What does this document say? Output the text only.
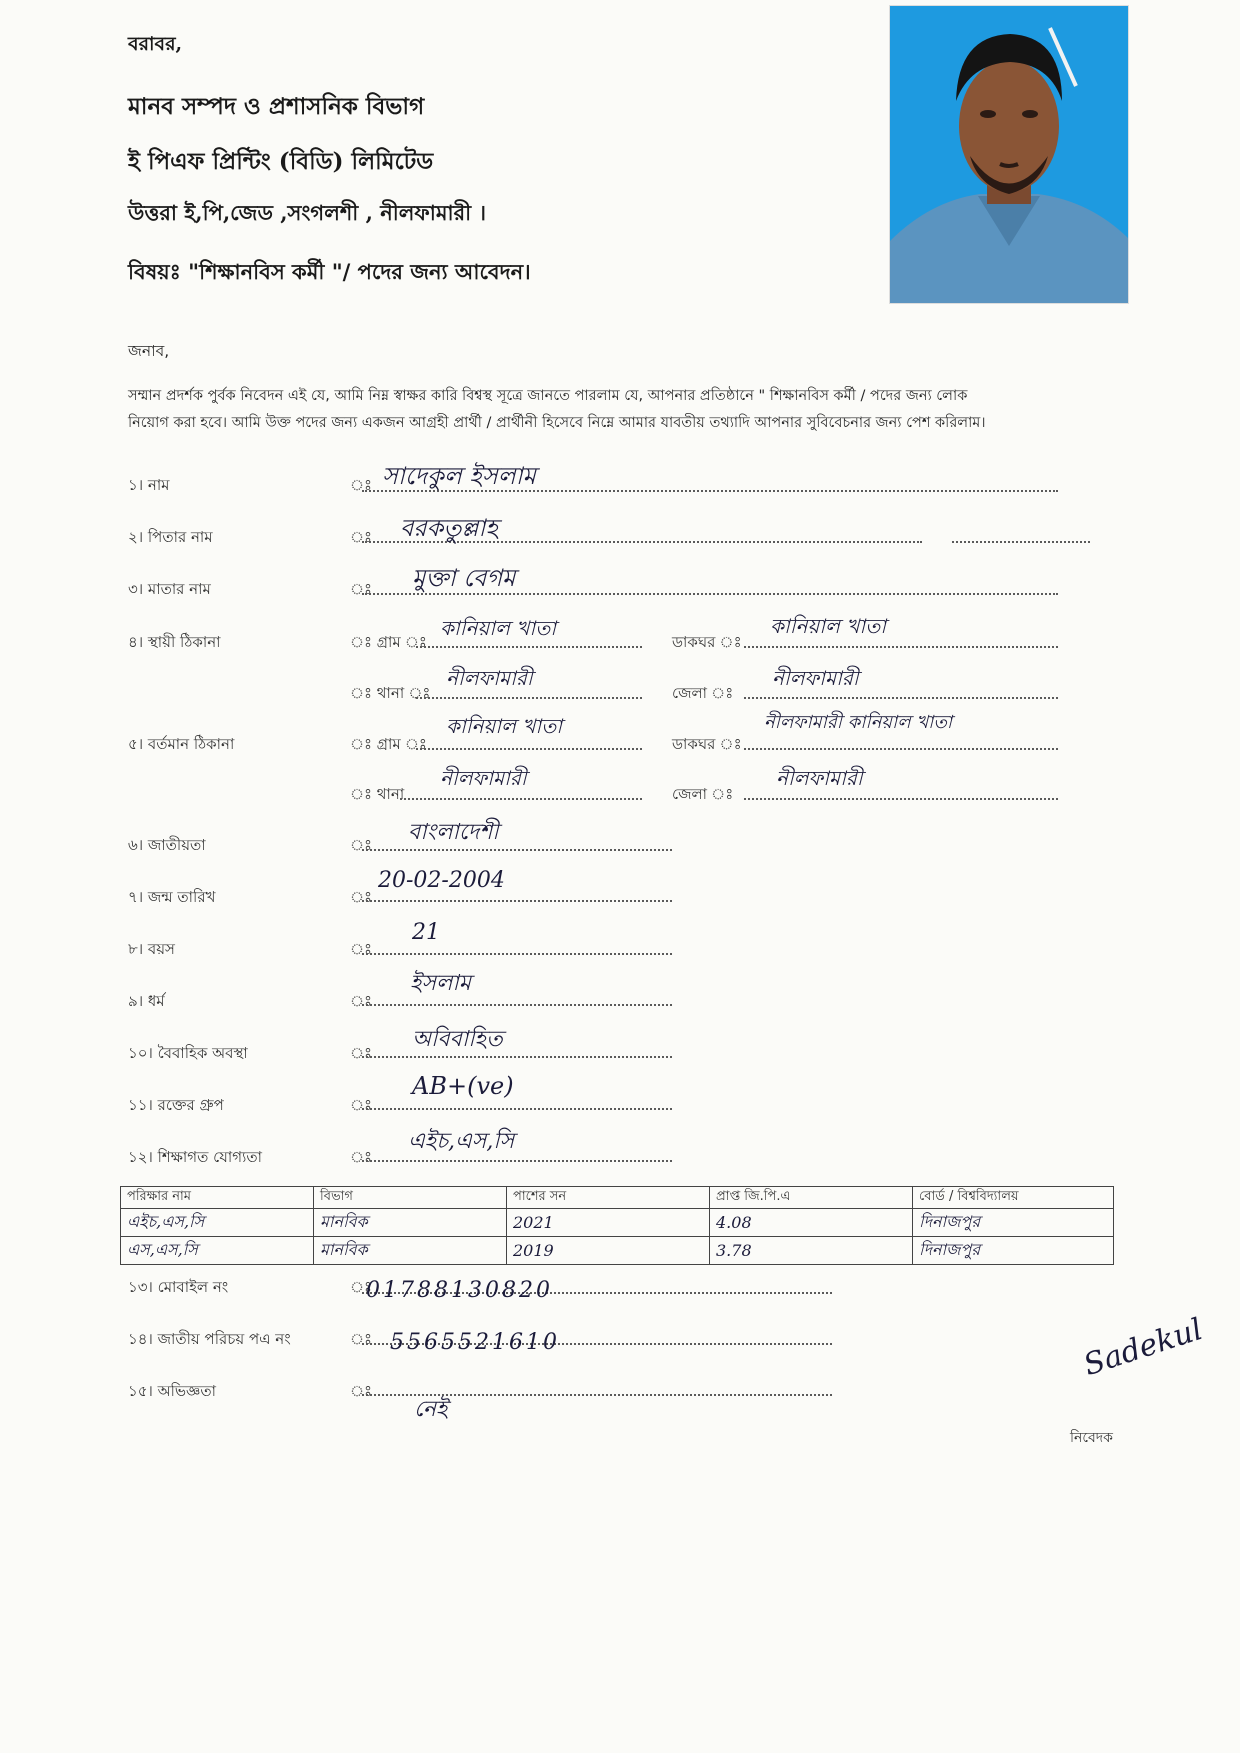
বরাবর,
মানব সম্পদ ও প্রশাসনিক বিভাগ
ই পিএফ প্রিন্টিং (বিডি) লিমিটেড
উত্তরা ই,পি,জেড ,সংগলশী , নীলফামারী ।
বিষয়ঃ "শিক্ষানবিস কর্মী "/ পদের জন্য আবেদন।
জনাব,
সম্মান প্রদর্শক পুর্বক নিবেদন এই যে, আমি নিম্ন স্বাক্ষর কারি বিশ্বস্থ সূত্রে জানতে পারলাম যে, আপনার প্রতিষ্ঠানে " শিক্ষানবিস কর্মী / পদের জন্য লোক
নিয়োগ করা হবে। আমি উক্ত পদের জন্য একজন আগ্রহী প্রার্থী / প্রার্থীনী হিসেবে নিম্নে আমার যাবতীয় তথ্যাদি আপনার সুবিবেচনার জন্য পেশ করিলাম।
১। নাম	ঃ সাদেকুল ইসলাম
২। পিতার নাম	ঃ বরকতুল্লাহ
৩। মাতার নাম	ঃ মুক্তা বেগম
৪। স্থায়ী ঠিকানা	ঃ গ্রাম ঃ
কানিয়াল খাতা
ডাকঘর ঃ
কানিয়াল খাতা
ঃ থানা ঃ
নীলফামারী
জেলা ঃ
নীলফামারী
৫। বর্তমান ঠিকানা	ঃ গ্রাম ঃ
কানিয়াল খাতা
ডাকঘর ঃ
নীলফামারী কানিয়াল খাতা
ঃ থানা
নীলফামারী
জেলা ঃ
নীলফামারী
৬। জাতীয়তা	ঃ বাংলাদেশী
৭। জন্ম তারিখ	ঃ
20-02-2004
৮। বয়স	ঃ
21
৯। ধর্ম	ঃ
ইসলাম
১০। বৈবাহিক অবস্থা	ঃ
অবিবাহিত
১১। রক্তের গ্রুপ	ঃ
AB+(ve)
১২। শিক্ষাগত যোগ্যতা	ঃ
এইচ,এস,সি
পরিক্ষার নাম	বিভাগ	পাশের সন	প্রাপ্ত জি.পি.এ	বোর্ড / বিশ্ববিদ্যালয়
এইচ,এস,সি	মানবিক	2021	4.08	দিনাজপুর
এস,এস,সি	মানবিক	2019	3.78	দিনাজপুর
১৩। মোবাইল নং	ঃ
01788130820
১৪। জাতীয় পরিচয় পএ নং	ঃ 5565521610
১৫। অভিজ্ঞতা	ঃ
নেই
Sadekul
নিবেদক
